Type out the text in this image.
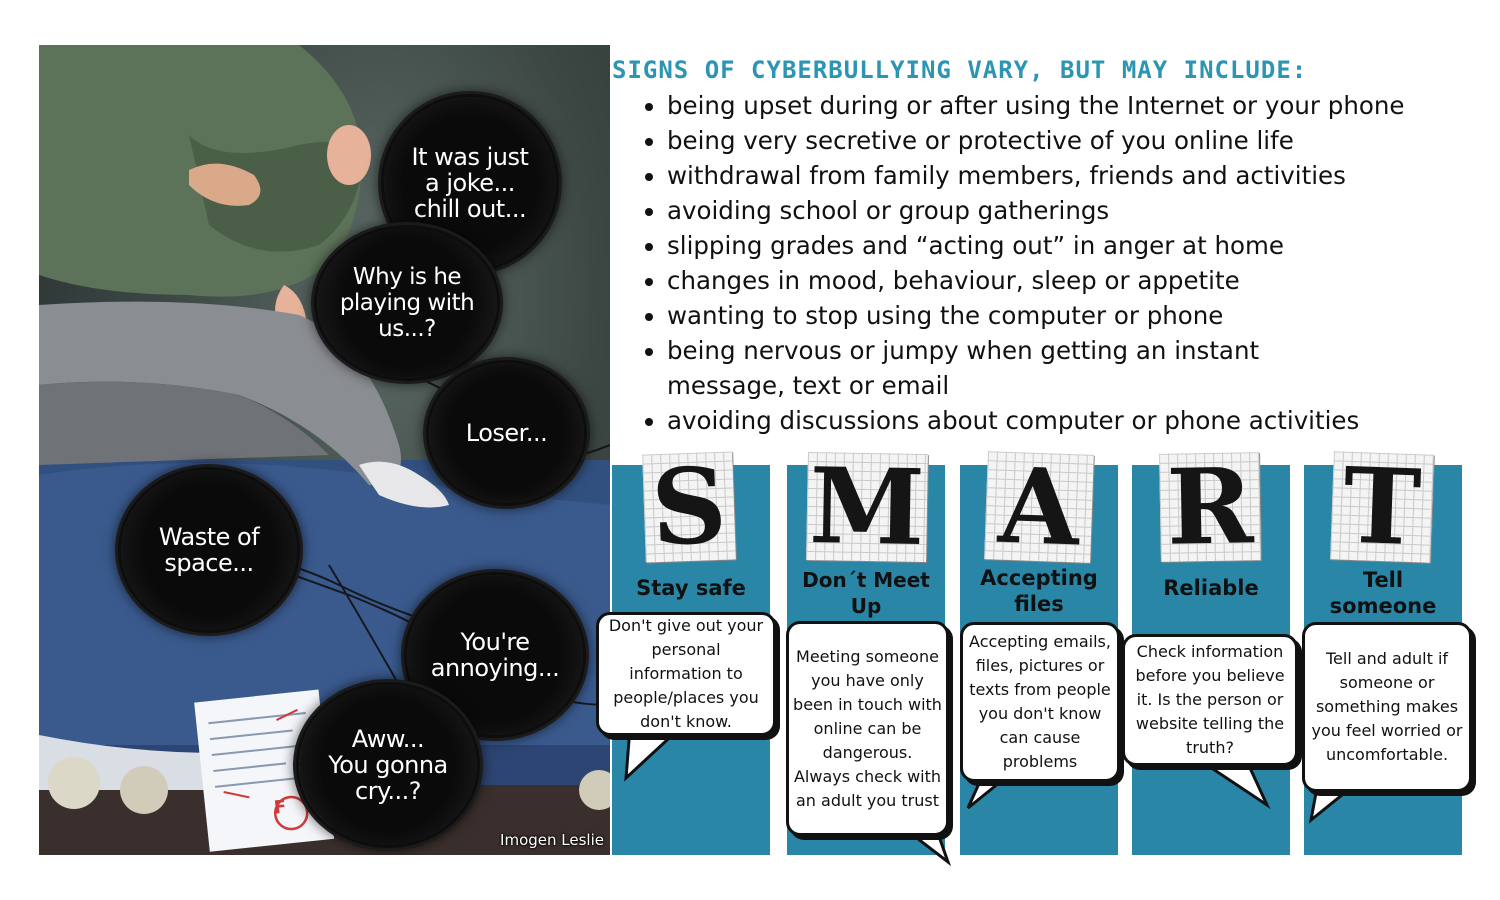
F
It was just
a joke...
chill out...
Why is he
playing with
us...?
Loser...
Waste of
space...
You're
annoying...
Aww...
You gonna
cry...?
Imogen Leslie
SIGNS OF CYBERBULLYING VARY, BUT MAY INCLUDE:
• being upset during or after using the Internet or your phone
• being very secretive or protective of you online life
• withdrawal from family members, friends and activities
• avoiding school or group gatherings
• slipping grades and “acting out” in anger at home
• changes in mood, behaviour, sleep or appetite
• wanting to stop using the computer or phone
• being nervous or jumpy when getting an instant message, text or email
• avoiding discussions about computer or phone activities
S
Stay safe
M
Don´t Meet Up
A
Accepting files
R
Reliable
T
Tell someone
Don't give out your personal information to people/places you don't know.
Meeting someone you have only been in touch with online can be dangerous. Always check with an adult you trust
Accepting emails, files, pictures or texts from people you don't know can cause problems
Check information before you believe it. Is the person or website telling the truth?
Tell and adult if someone or something makes you feel worried or uncomfortable.
